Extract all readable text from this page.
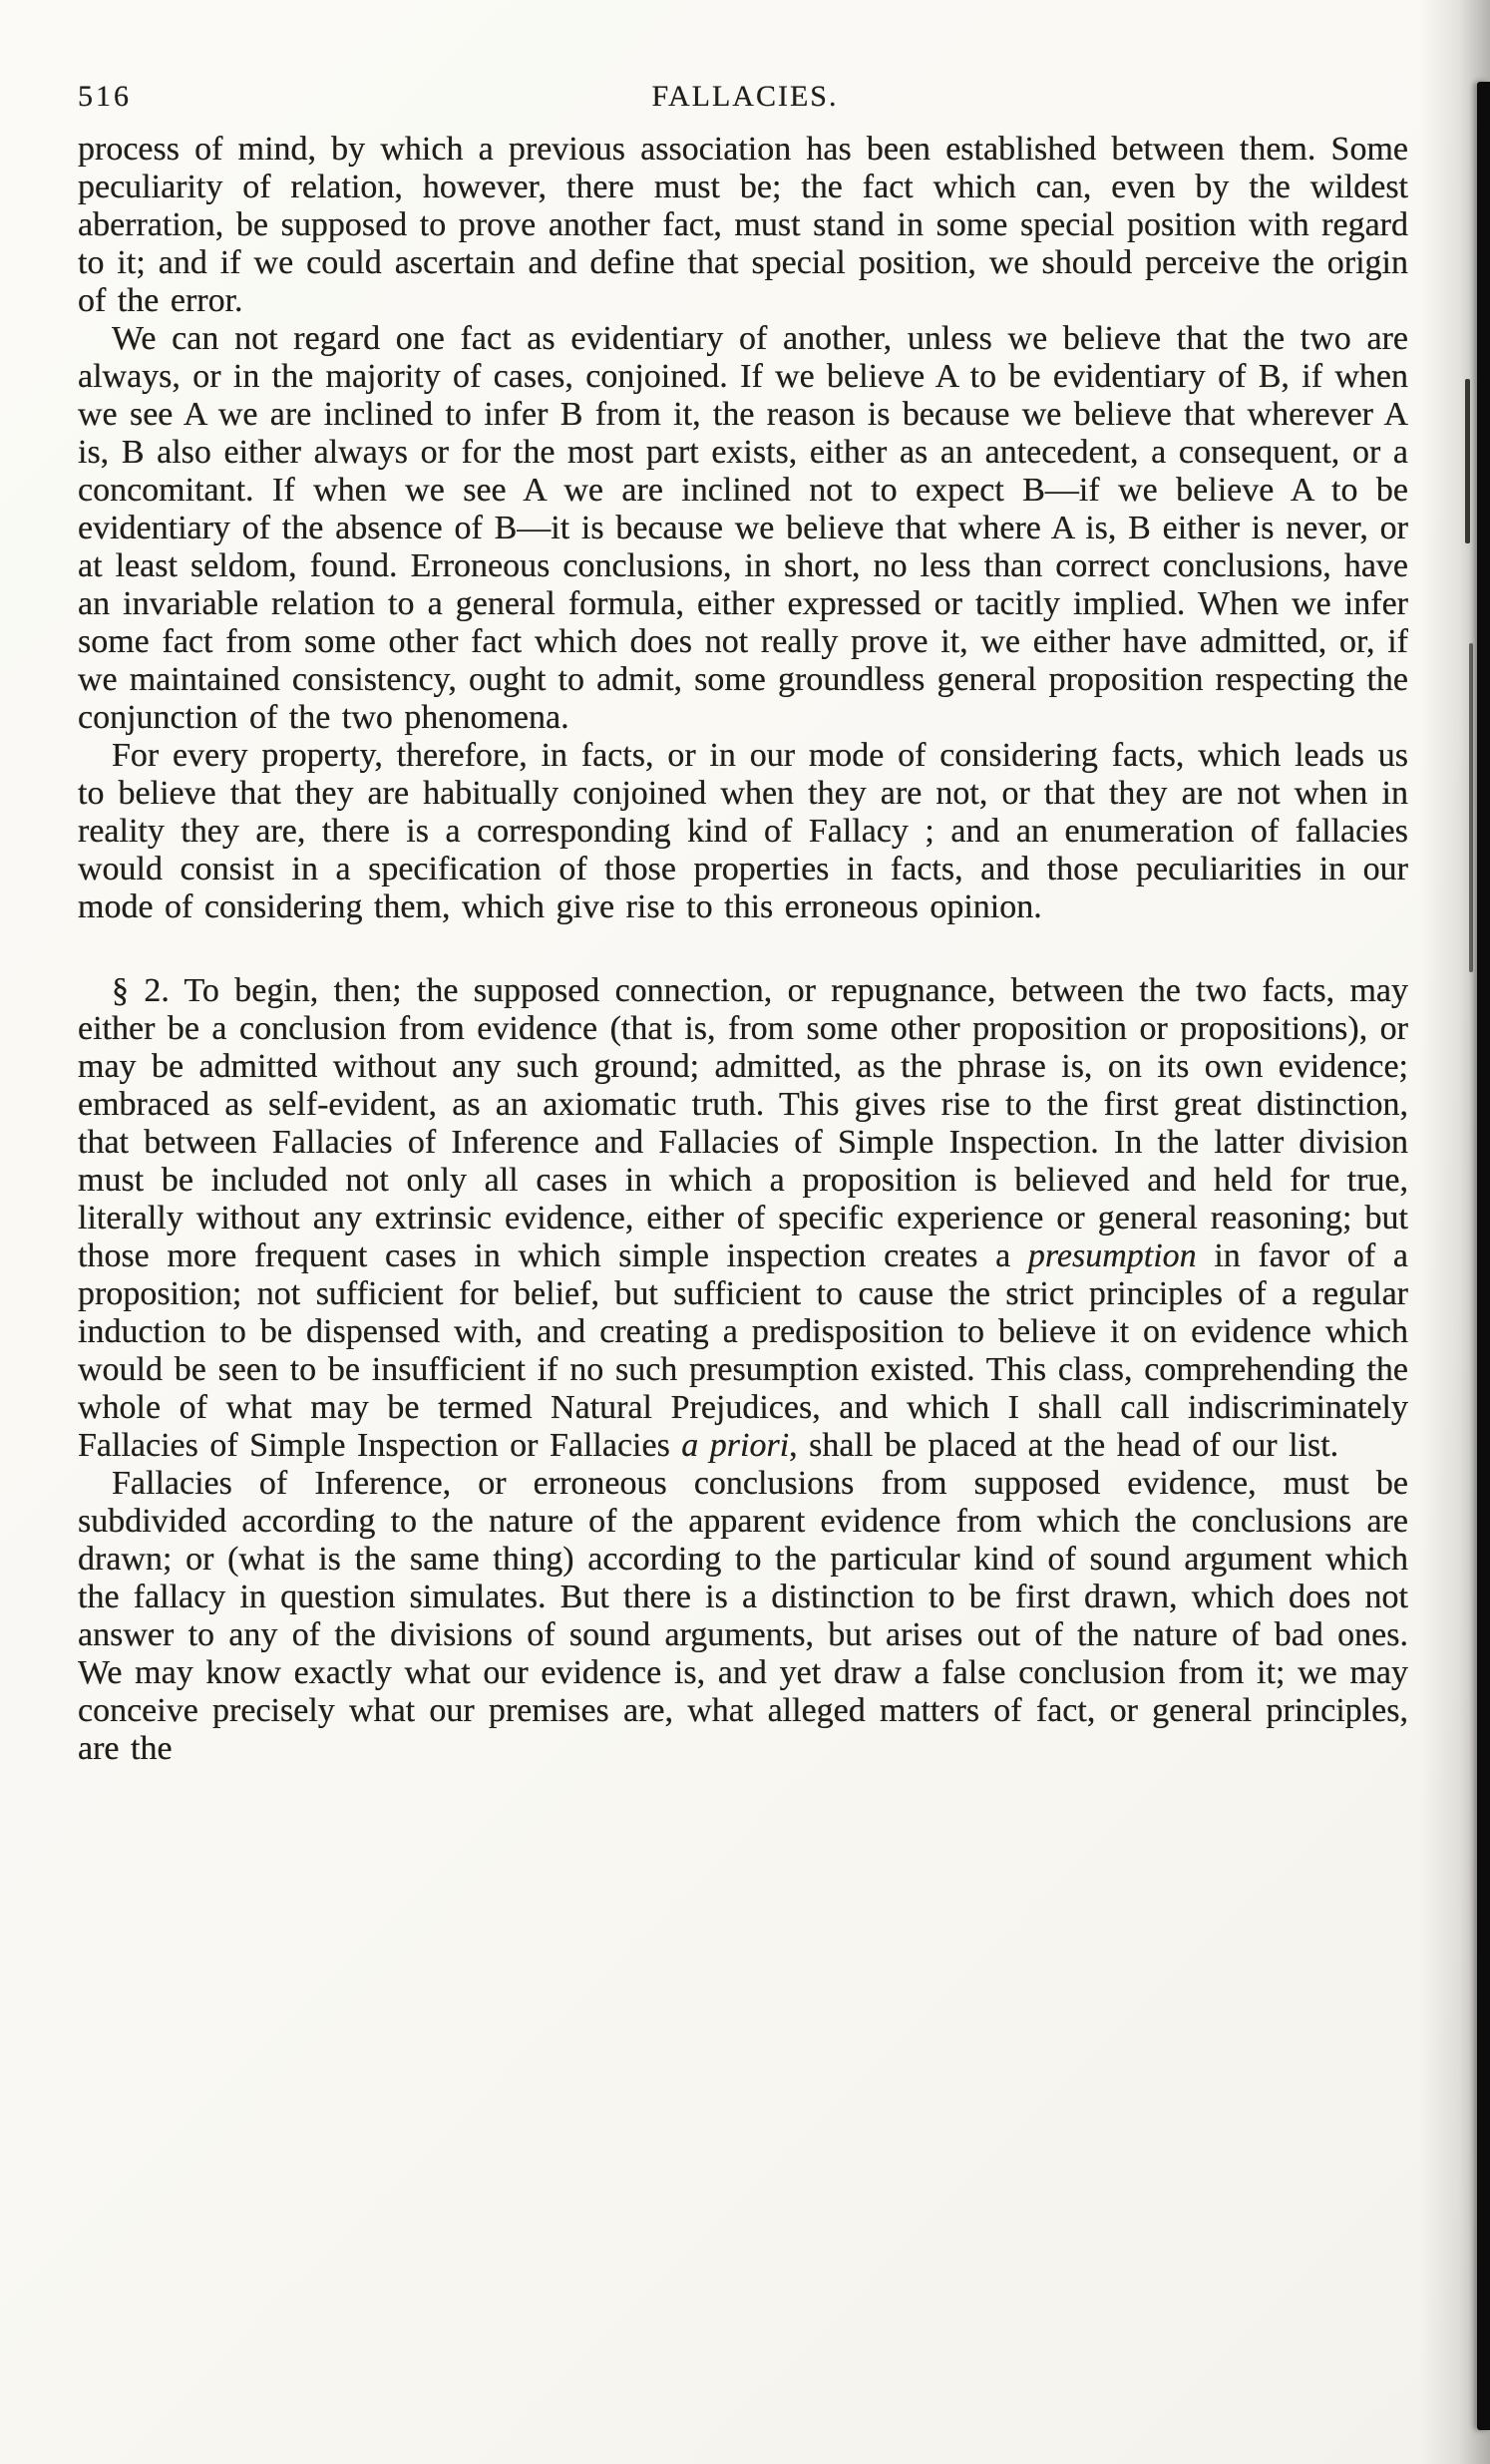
516	FALLACIES.

process of mind, by which a previous association has been established between them. Some peculiarity of relation, however, there must be; the fact which can, even by the wildest aberration, be supposed to prove another fact, must stand in some special position with regard to it; and if we could ascertain and define that special position, we should perceive the origin of the error.

We can not regard one fact as evidentiary of another, unless we believe that the two are always, or in the majority of cases, conjoined. If we believe A to be evidentiary of B, if when we see A we are inclined to infer B from it, the reason is because we believe that wherever A is, B also either always or for the most part exists, either as an antecedent, a consequent, or a concomitant. If when we see A we are inclined not to expect B—if we believe A to be evidentiary of the absence of B—it is because we believe that where A is, B either is never, or at least seldom, found. Erroneous conclusions, in short, no less than correct conclusions, have an invariable relation to a general formula, either expressed or tacitly implied. When we infer some fact from some other fact which does not really prove it, we either have admitted, or, if we maintained consistency, ought to admit, some groundless general proposition respecting the conjunction of the two phenomena.

For every property, therefore, in facts, or in our mode of considering facts, which leads us to believe that they are habitually conjoined when they are not, or that they are not when in reality they are, there is a corresponding kind of Fallacy ; and an enumeration of fallacies would consist in a specification of those properties in facts, and those peculiarities in our mode of considering them, which give rise to this erroneous opinion.

§ 2. To begin, then; the supposed connection, or repugnance, between the two facts, may either be a conclusion from evidence (that is, from some other proposition or propositions), or may be admitted without any such ground; admitted, as the phrase is, on its own evidence; embraced as self-evident, as an axiomatic truth. This gives rise to the first great distinction, that between Fallacies of Inference and Fallacies of Simple Inspection. In the latter division must be included not only all cases in which a proposition is believed and held for true, literally without any extrinsic evidence, either of specific experience or general reasoning; but those more frequent cases in which simple inspection creates a presumption in favor of a proposition; not sufficient for belief, but sufficient to cause the strict principles of a regular induction to be dispensed with, and creating a predisposition to believe it on evidence which would be seen to be insufficient if no such presumption existed. This class, comprehending the whole of what may be termed Natural Prejudices, and which I shall call indiscriminately Fallacies of Simple Inspection or Fallacies a priori, shall be placed at the head of our list.

Fallacies of Inference, or erroneous conclusions from supposed evidence, must be subdivided according to the nature of the apparent evidence from which the conclusions are drawn; or (what is the same thing) according to the particular kind of sound argument which the fallacy in question simulates. But there is a distinction to be first drawn, which does not answer to any of the divisions of sound arguments, but arises out of the nature of bad ones. We may know exactly what our evidence is, and yet draw a false conclusion from it; we may conceive precisely what our premises are, what alleged matters of fact, or general principles, are the
